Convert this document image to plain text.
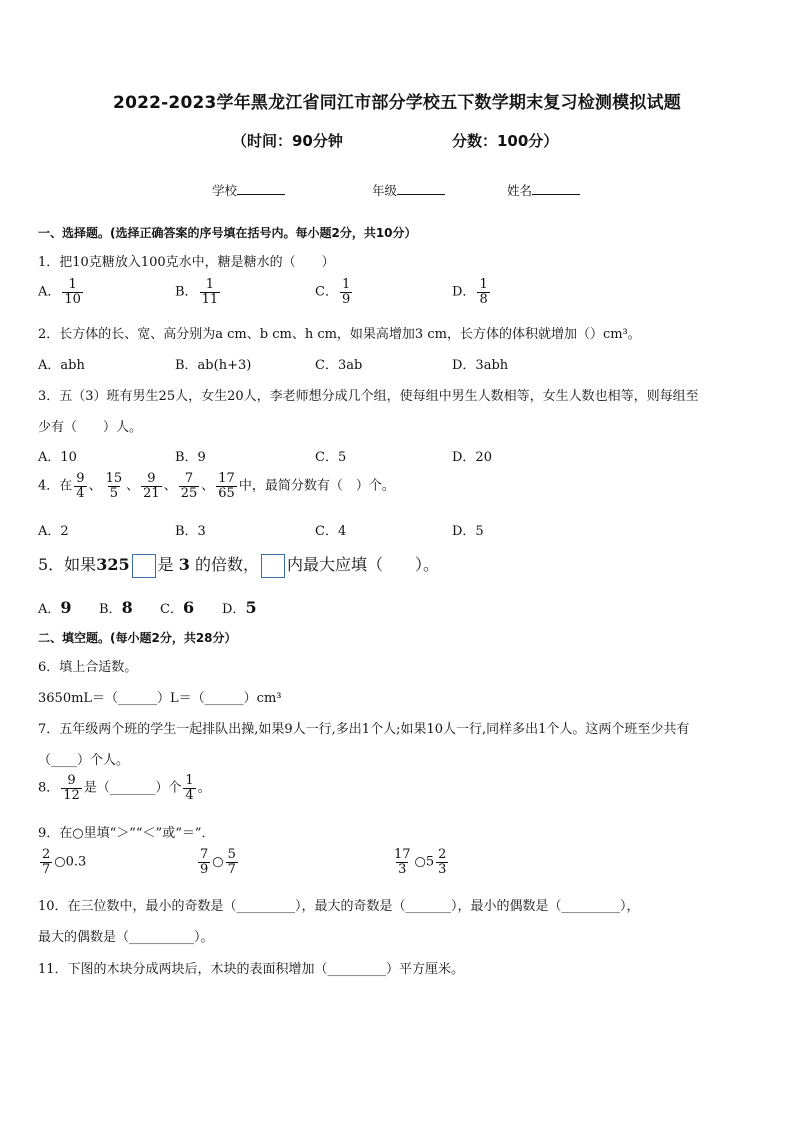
2022-2023学年黑龙江省同江市部分学校五下数学期末复习检测模拟试题
（时间：90分钟	分数：100分）
学校	年级	姓名
一、选择题。(选择正确答案的序号填在括号内。每小题2分，共10分）
1．把10克糖放入100克水中，糖是糖水的（　　）
A． $\frac{1}{10}$	B． $\frac{1}{11}$	C． $\frac{1}{9}$	D． $\frac{1}{8}$
2．长方体的长、宽、高分别为a cm、b cm、h cm，如果高增加3 cm，长方体的体积就增加（）cm³。
A．abh	B．ab(h+3)	C．3ab	D．3abh
3．五（3）班有男生25人，女生20人，李老师想分成几个组，使每组中男生人数相等，女生人数也相等，则每组至
少有（　　）人。
A．10	B．9	C．5	D．20
4．在 $\frac{9}{4}$ 、 $\frac{15}{5}$ 、 $\frac{9}{21}$ 、 $\frac{7}{25}$ 、 $\frac{17}{65}$ 中，最简分数有（　）个。
A．2	B．3	C．4	D．5
5．如果325 是 3 的倍数， 内最大应填（　　）。
A．9 B．8 C．6 D．5
二、填空题。(每小题2分，共28分）
6．填上合适数。
3650mL＝（______）L＝（______）cm³
7．五年级两个班的学生一起排队出操,如果9人一行,多出1个人;如果10人一行,同样多出1个人。这两个班至少共有
（____）个人。
8． $\frac{9}{12}$ 是（_______）个 $\frac{1}{4}$ 。
9．在○里填“＞”“＜”或“＝”．
$\frac{2}{7}$ ○0.3	$\frac{7}{9}$ ○ $\frac{5}{7}$	$\frac{17}{3}$ ○5 $\frac{2}{3}$
10．在三位数中，最小的奇数是（_________），最大的奇数是（_______），最小的偶数是（_________），
最大的偶数是（__________）。
11．下图的木块分成两块后，木块的表面积增加（_________）平方厘米。
